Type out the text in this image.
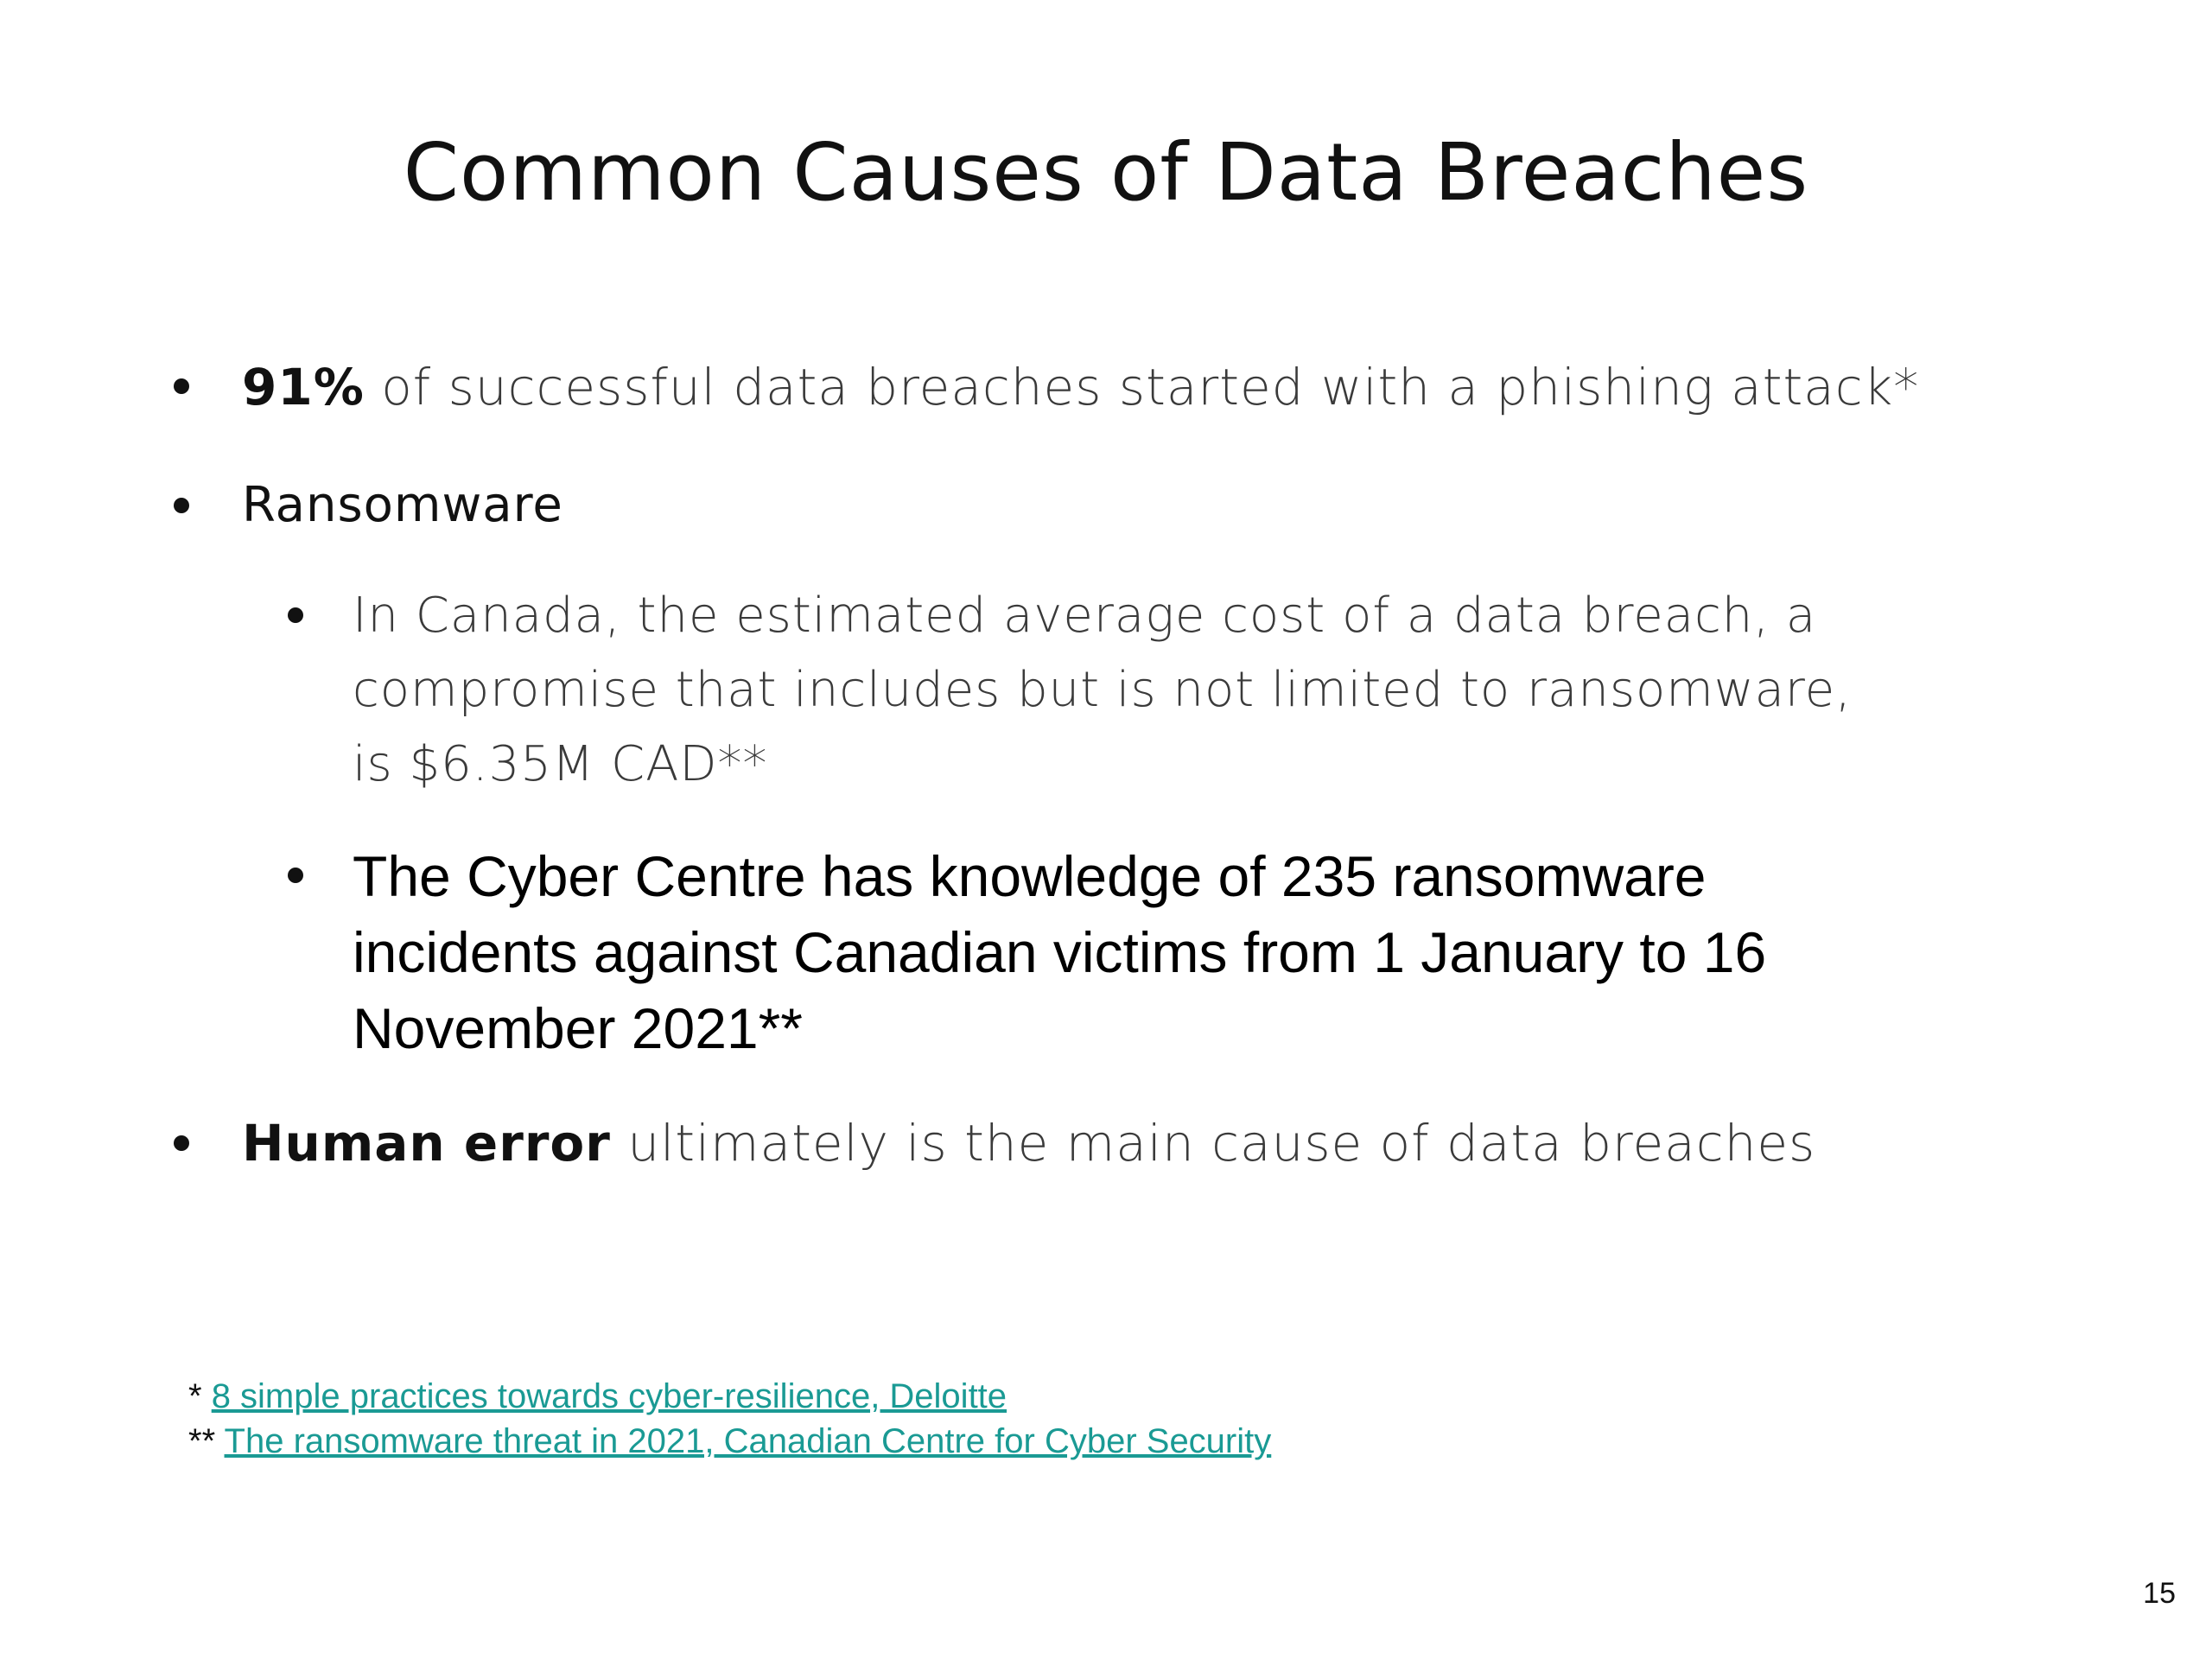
Common Causes of Data Breaches
91% of successful data breaches started with a phishing attack*
Ransomware
In Canada, the estimated average cost of a data breach, a compromise that includes but is not limited to ransomware, is $6.35M CAD**
The Cyber Centre has knowledge of 235 ransomware incidents against Canadian victims from 1 January to 16 November 2021**
Human error ultimately is the main cause of data breaches
* 8 simple practices towards cyber-resilience, Deloitte
** The ransomware threat in 2021, Canadian Centre for Cyber Security
15
